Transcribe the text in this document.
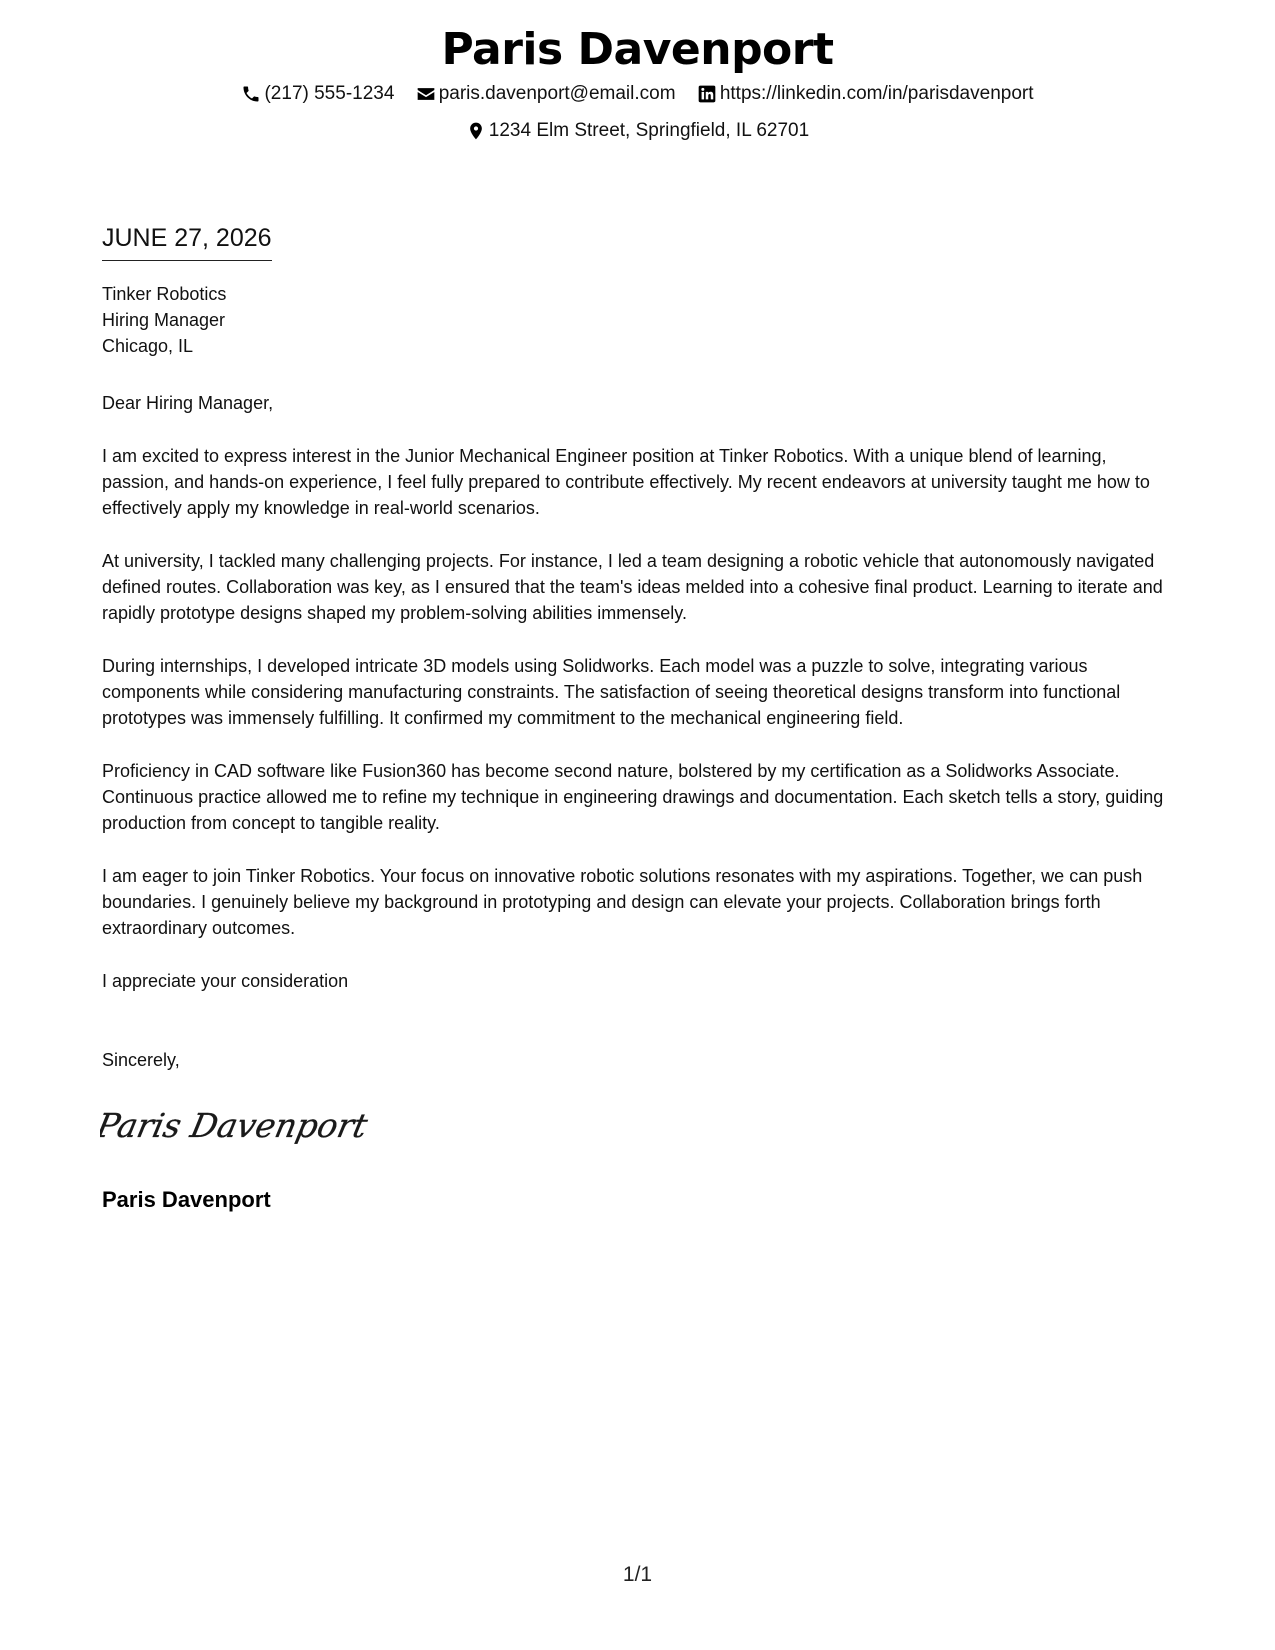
Paris Davenport
(217) 555-1234
paris.davenport@email.com
https://linkedin.com/in/parisdavenport
1234 Elm Street, Springfield, IL 62701
JUNE 27, 2026
Tinker Robotics
Hiring Manager
Chicago, IL

Dear Hiring Manager,

I am excited to express interest in the Junior Mechanical Engineer position at Tinker Robotics. With a unique blend of learning, passion, and hands-on experience, I feel fully prepared to contribute effectively. My recent endeavors at university taught me how to effectively apply my knowledge in real-world scenarios.

At university, I tackled many challenging projects. For instance, I led a team designing a robotic vehicle that autonomously navigated defined routes. Collaboration was key, as I ensured that the team's ideas melded into a cohesive final product. Learning to iterate and rapidly prototype designs shaped my problem-solving abilities immensely.

During internships, I developed intricate 3D models using Solidworks. Each model was a puzzle to solve, integrating various components while considering manufacturing constraints. The satisfaction of seeing theoretical designs transform into functional prototypes was immensely fulfilling. It confirmed my commitment to the mechanical engineering field.

Proficiency in CAD software like Fusion360 has become second nature, bolstered by my certification as a Solidworks Associate. Continuous practice allowed me to refine my technique in engineering drawings and documentation. Each sketch tells a story, guiding production from concept to tangible reality.

I am eager to join Tinker Robotics. Your focus on innovative robotic solutions resonates with my aspirations. Together, we can push boundaries. I genuinely believe my background in prototyping and design can elevate your projects. Collaboration brings forth extraordinary outcomes.

I appreciate your consideration

Sincerely,
Paris Davenport
Paris Davenport
1/1
